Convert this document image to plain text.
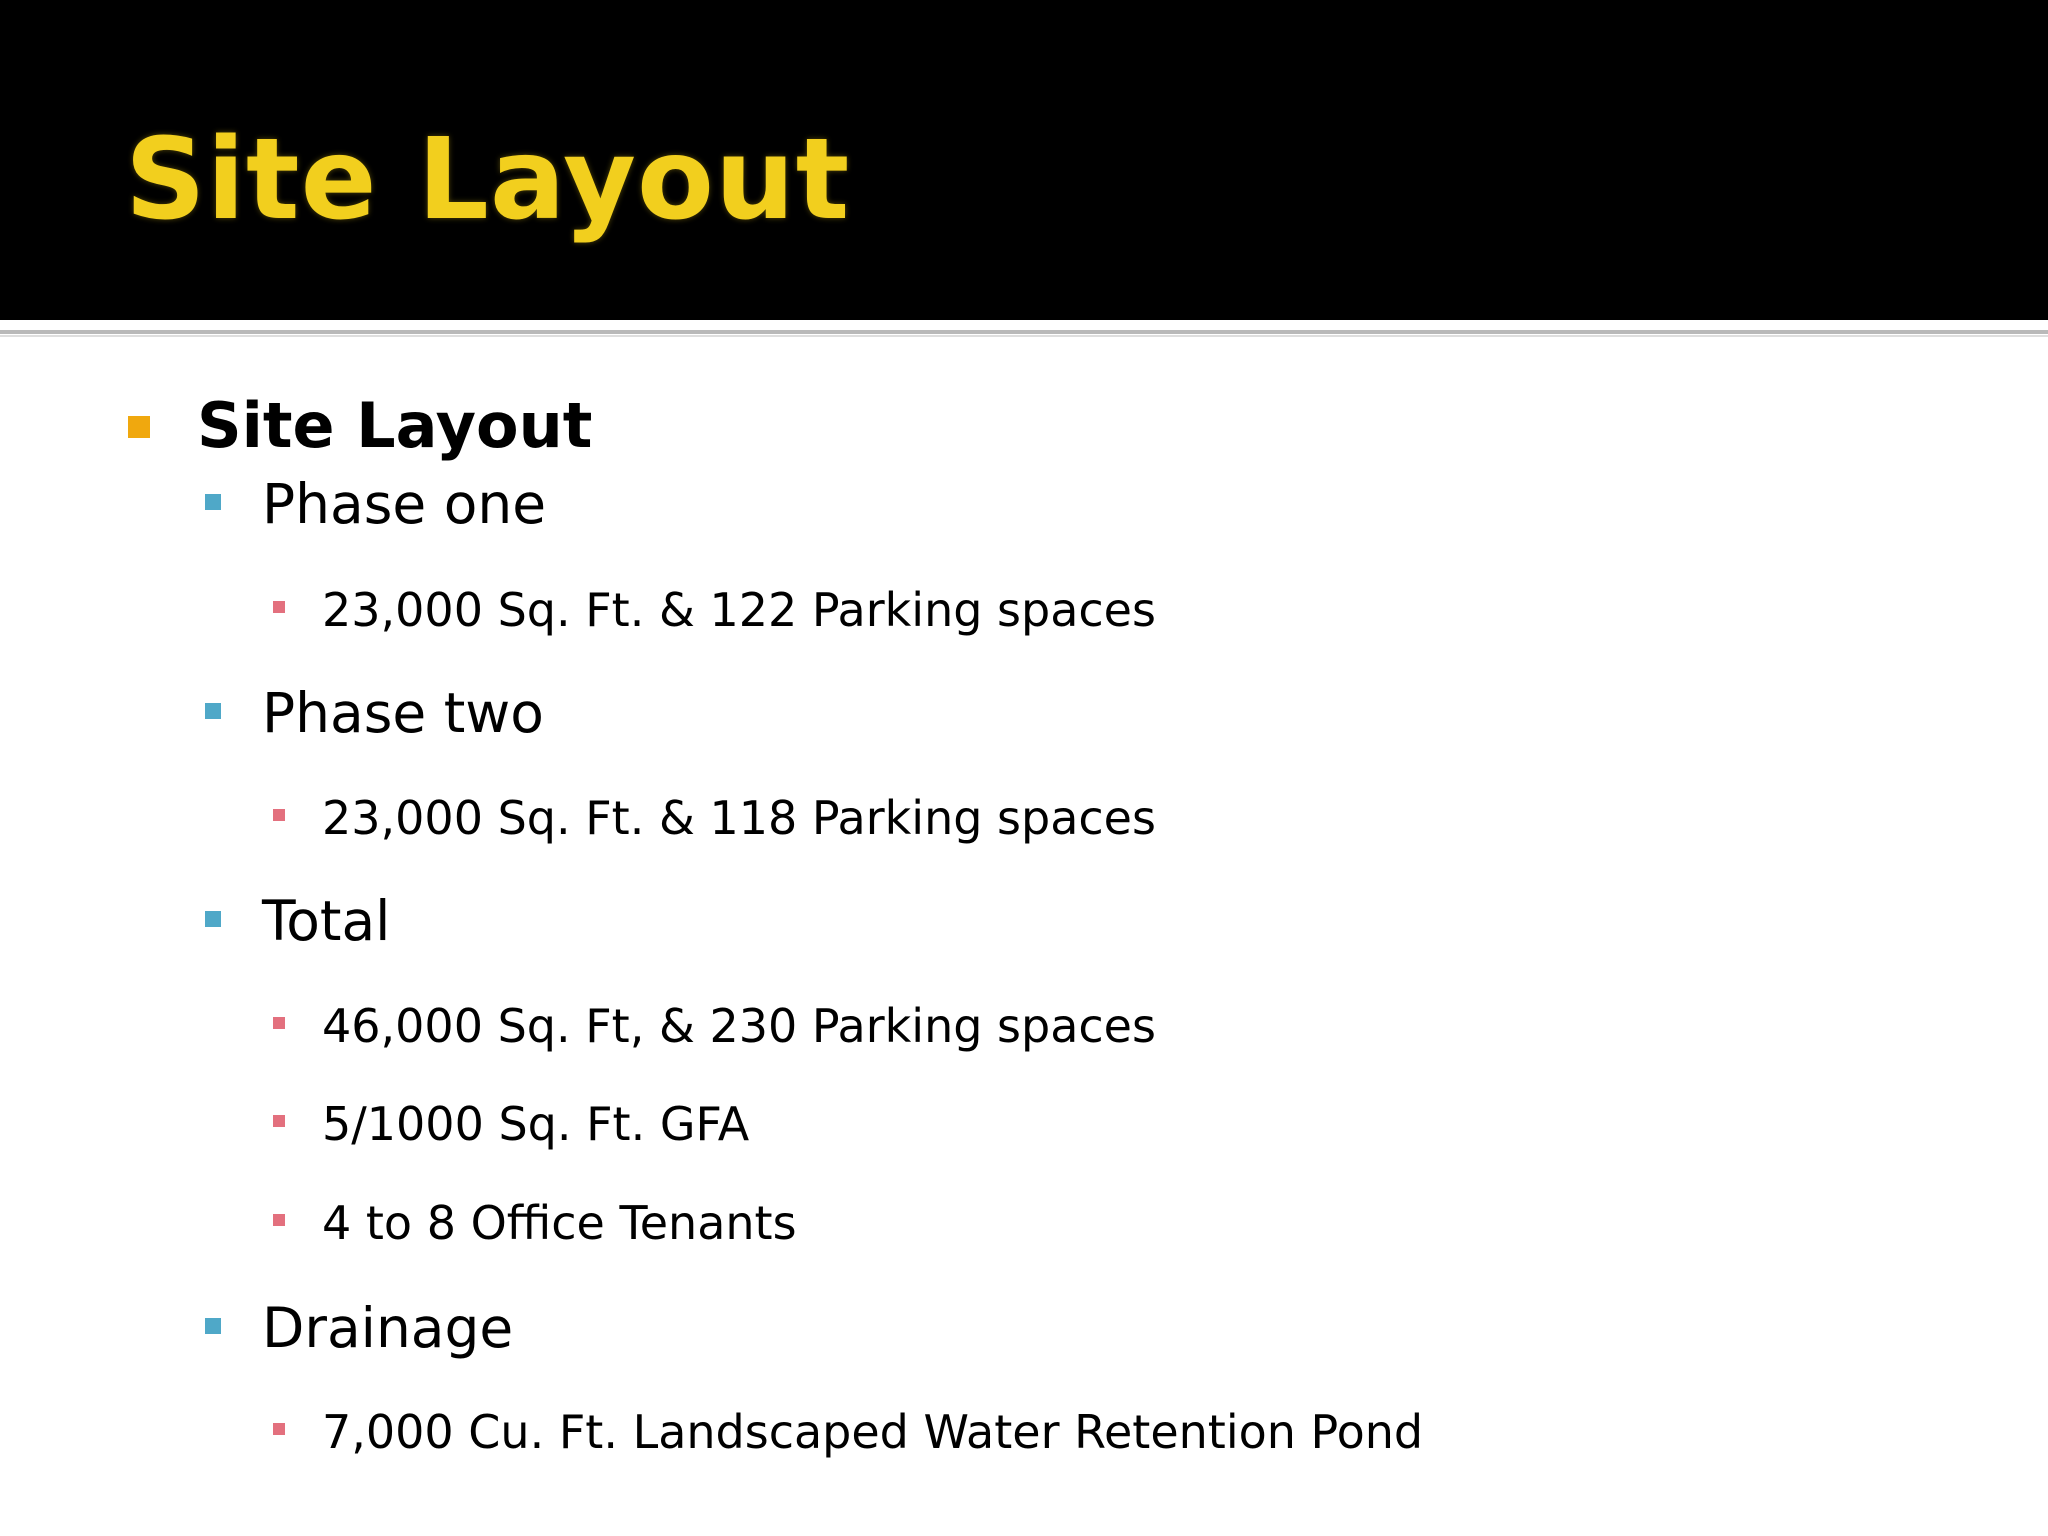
Site Layout
Site Layout
Phase one
23,000 Sq. Ft. & 122 Parking spaces
Phase two
23,000 Sq. Ft. & 118 Parking spaces
Total
46,000 Sq. Ft, & 230 Parking spaces
5/1000 Sq. Ft. GFA
4 to 8 Office Tenants
Drainage
7,000 Cu. Ft. Landscaped Water Retention Pond
